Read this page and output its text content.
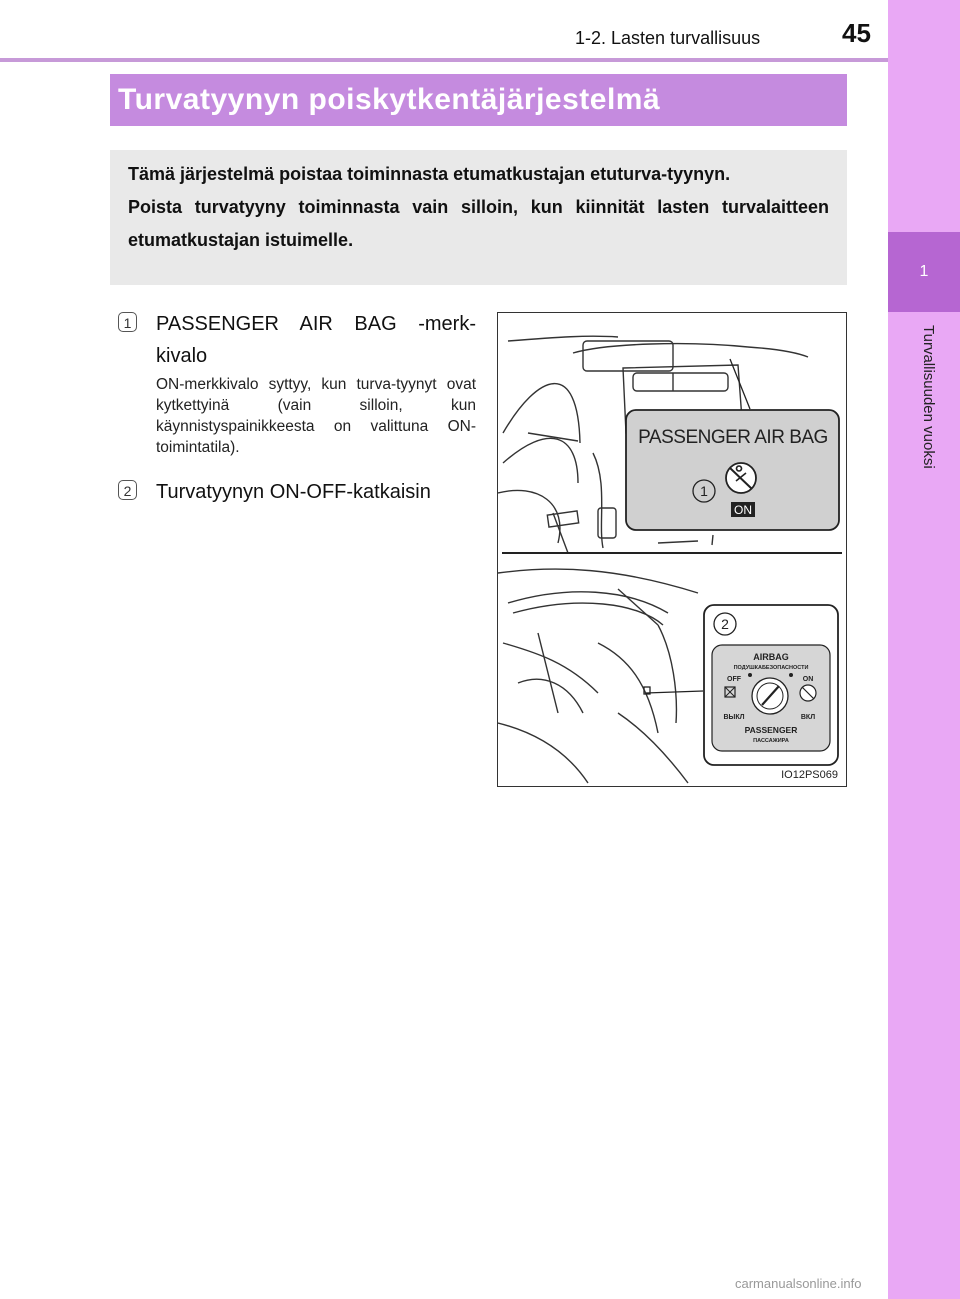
1-2. Lasten turvallisuus	45
1
Turvallisuuden vuoksi
Turvatyynyn poiskytkentäjärjestelmä

Tämä järjestelmä poistaa toiminnasta etumatkustajan etuturva-tyynyn.

Poista turvatyyny toiminnasta vain silloin, kun kiinnität lasten turvalaitteen etumatkustajan istuimelle.

1 PASSENGER AIR BAG -merk-kivalo
ON-merkkivalo syttyy, kun turva-tyynyt ovat kytkettyinä (vain silloin, kun käynnistyspainikkeesta on valittuna ON-toimintatila).
2 Turvatyynyn ON-OFF-katkaisin
PASSENGER AIR BAG
ON
1
2
AIRBAG
ПОДУШКАБЕЗОПАСНОСТИ
OFF	ON
ВЫКЛ	ВКЛ
PASSENGER
ПАССАЖИРА
IO12PS069
carmanualsonline.info
